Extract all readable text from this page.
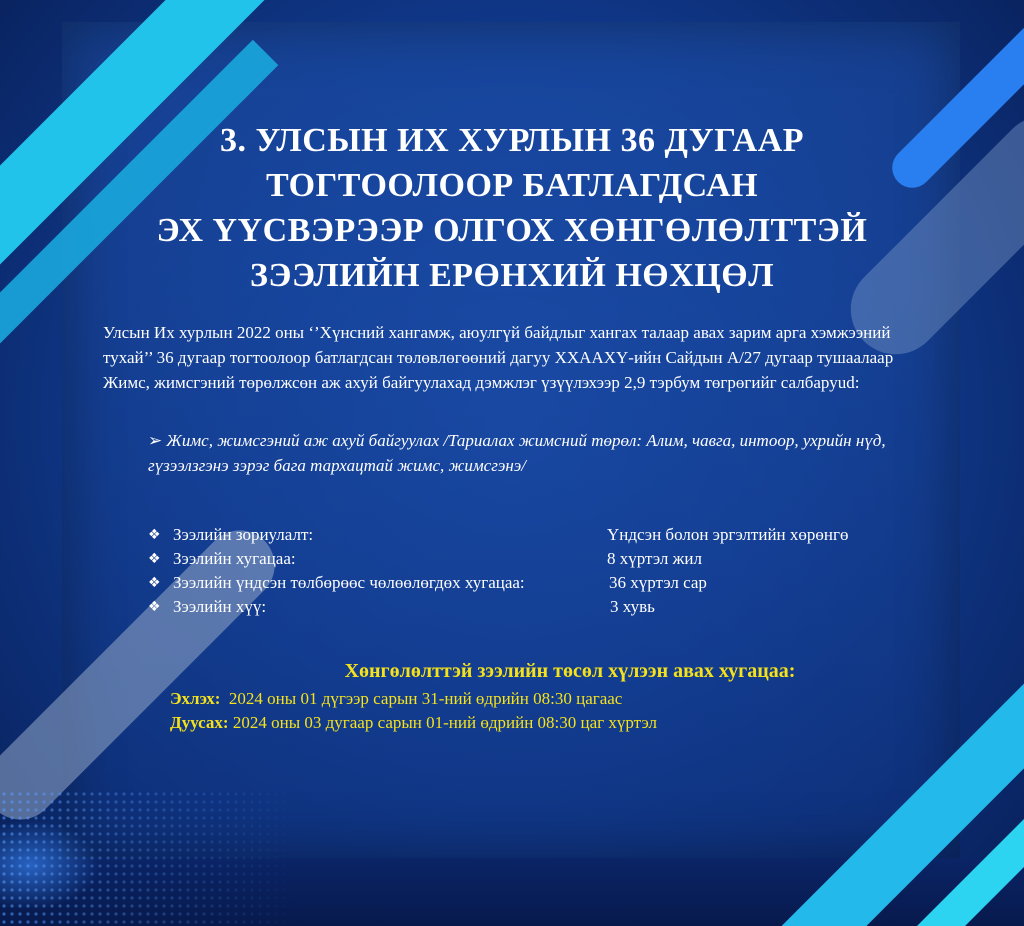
3. УЛСЫН ИХ ХУРЛЫН 36 ДУГААР
ТОГТООЛООР БАТЛАГДСАН
ЭХ ҮҮСВЭРЭЭР ОЛГОХ ХӨНГӨЛӨЛТТЭЙ
ЗЭЭЛИЙН ЕРӨНХИЙ НӨХЦӨЛ

Улсын Их хурлын 2022 оны ‘’Хүнсний хангамж, аюулгүй байдлыг хангах талаар авах зарим арга хэмжээний тухай’’ 36 дугаар тогтоолоор батлагдсан төлөвлөгөөний дагуу ХХААХҮ-ийн Сайдын А/27 дугаар тушаалаар Жимс, жимсгэний төрөлжсөн аж ахуй байгуулахад дэмжлэг үзүүлэхээр 2,9 тэрбум төгрөгийг салбаруud:

➢ Жимс, жимсгэний аж ахуй байгуулах /Тариалах жимсний төрөл: Алим, чавга, интоор, ухрийн нүд, гүзээлзгэнэ зэрэг бага тархацтай жимс, жимсгэнэ/
❖ Зээлийн зориулалт:	Үндсэн болон эргэлтийн хөрөнгө
❖ Зээлийн хугацаа:	8 хүртэл жил
❖ Зээлийн үндсэн төлбөрөөс чөлөөлөгдөх хугацаа:	36 хүртэл сар
❖ Зээлийн хүү:	3 хувь
Хөнгөлөлттэй зээлийн төсөл хүлээн авах хугацаа:
Эхлэх:  2024 оны 01 дүгээр сарын 31-ний өдрийн 08:30 цагаас
Дуусах: 2024 оны 03 дугаар сарын 01-ний өдрийн 08:30 цаг хүртэл
